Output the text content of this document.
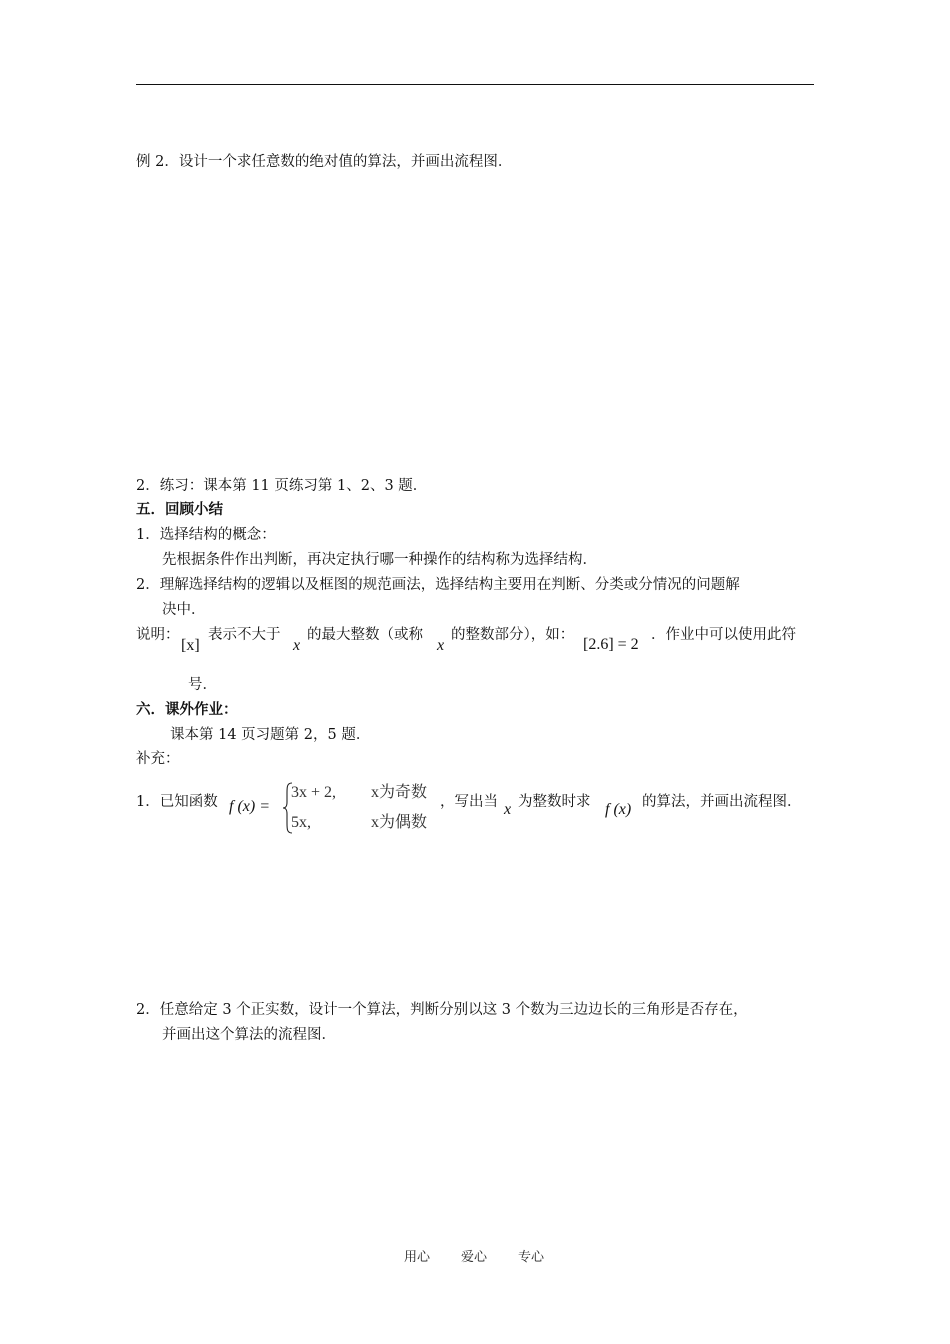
例 2．设计一个求任意数的绝对值的算法，并画出流程图．
2．练习：课本第 11 页练习第 1、2、3 题．
五．回顾小结
1．选择结构的概念：
先根据条件作出判断，再决定执行哪一种操作的结构称为选择结构．
2．理解选择结构的逻辑以及框图的规范画法，选择结构主要用在判断、分类或分情况的问题解
决中．
说明：
[x]
表示不大于
x
的最大整数（或称
x
的整数部分），如：
[2.6] = 2
．作业中可以使用此符
号．
六．课外作业：
课本第 14 页习题第 2，5 题．
补充：
1．已知函数 f (x) =
3x + 2, x为奇数
5x,	x为偶数
，写出当 x 为整数时求 f (x) 的算法，并画出流程图．
2．任意给定 3 个正实数，设计一个算法，判断分别以这 3 个数为三边边长的三角形是否存在，
并画出这个算法的流程图．
用心 爱心 专心
